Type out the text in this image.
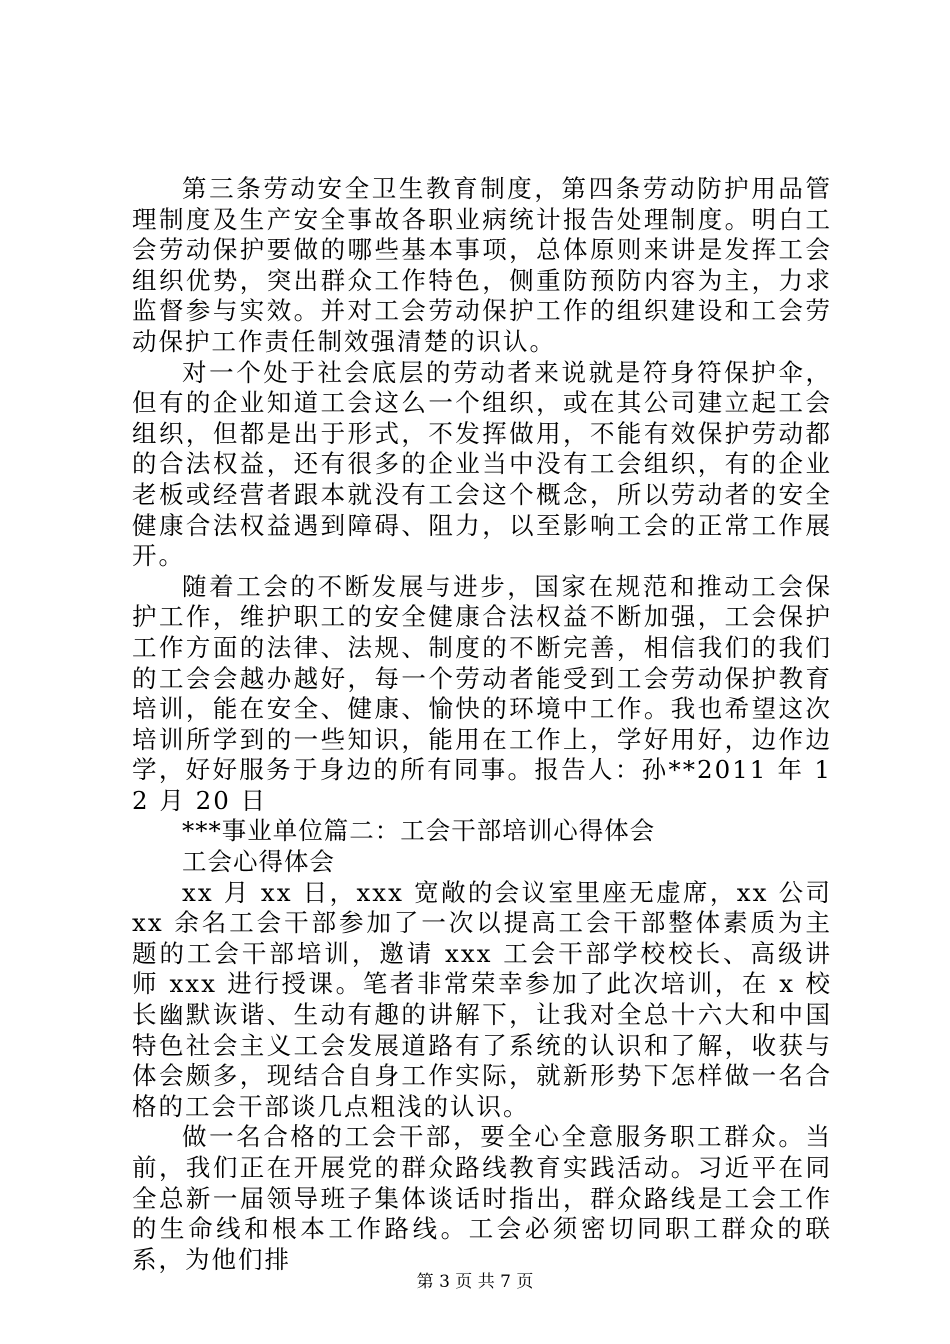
第三条劳动安全卫生教育制度，第四条劳动防护用品管理制度及生产安全事故各职业病统计报告处理制度。明白工会劳动保护要做的哪些基本事项，总体原则来讲是发挥工会组织优势，突出群众工作特色，侧重防预防内容为主，力求监督参与实效。并对工会劳动保护工作的组织建设和工会劳动保护工作责任制效强清楚的识认。

对一个处于社会底层的劳动者来说就是符身符保护伞，但有的企业知道工会这么一个组织，或在其公司建立起工会组织，但都是出于形式，不发挥做用，不能有效保护劳动都的合法权益，还有很多的企业当中没有工会组织，有的企业老板或经营者跟本就没有工会这个概念，所以劳动者的安全健康合法权益遇到障碍、阻力，以至影响工会的正常工作展开。

随着工会的不断发展与进步，国家在规范和推动工会保护工作，维护职工的安全健康合法权益不断加强，工会保护工作方面的法律、法规、制度的不断完善，相信我们的我们的工会会越办越好，每一个劳动者能受到工会劳动保护教育培训，能在安全、健康、愉快的环境中工作。我也希望这次培训所学到的一些知识，能用在工作上，学好用好，边作边学，好好服务于身边的所有同事。报告人：孙**2011 年 12 月 20 日

***事业单位篇二：工会干部培训心得体会

工会心得体会

xx 月 xx 日，xxx 宽敞的会议室里座无虚席，xx 公司 xx 余名工会干部参加了一次以提高工会干部整体素质为主题的工会干部培训，邀请 xxx 工会干部学校校长、高级讲师 xxx 进行授课。笔者非常荣幸参加了此次培训，在 x 校长幽默诙谐、生动有趣的讲解下，让我对全总十六大和中国特色社会主义工会发展道路有了系统的认识和了解，收获与体会颇多，现结合自身工作实际，就新形势下怎样做一名合格的工会干部谈几点粗浅的认识。

做一名合格的工会干部，要全心全意服务职工群众。当前，我们正在开展党的群众路线教育实践活动。习近平在同全总新一届领导班子集体谈话时指出，群众路线是工会工作的生命线和根本工作路线。工会必须密切同职工群众的联系，为他们排

第 3 页 共 7 页
